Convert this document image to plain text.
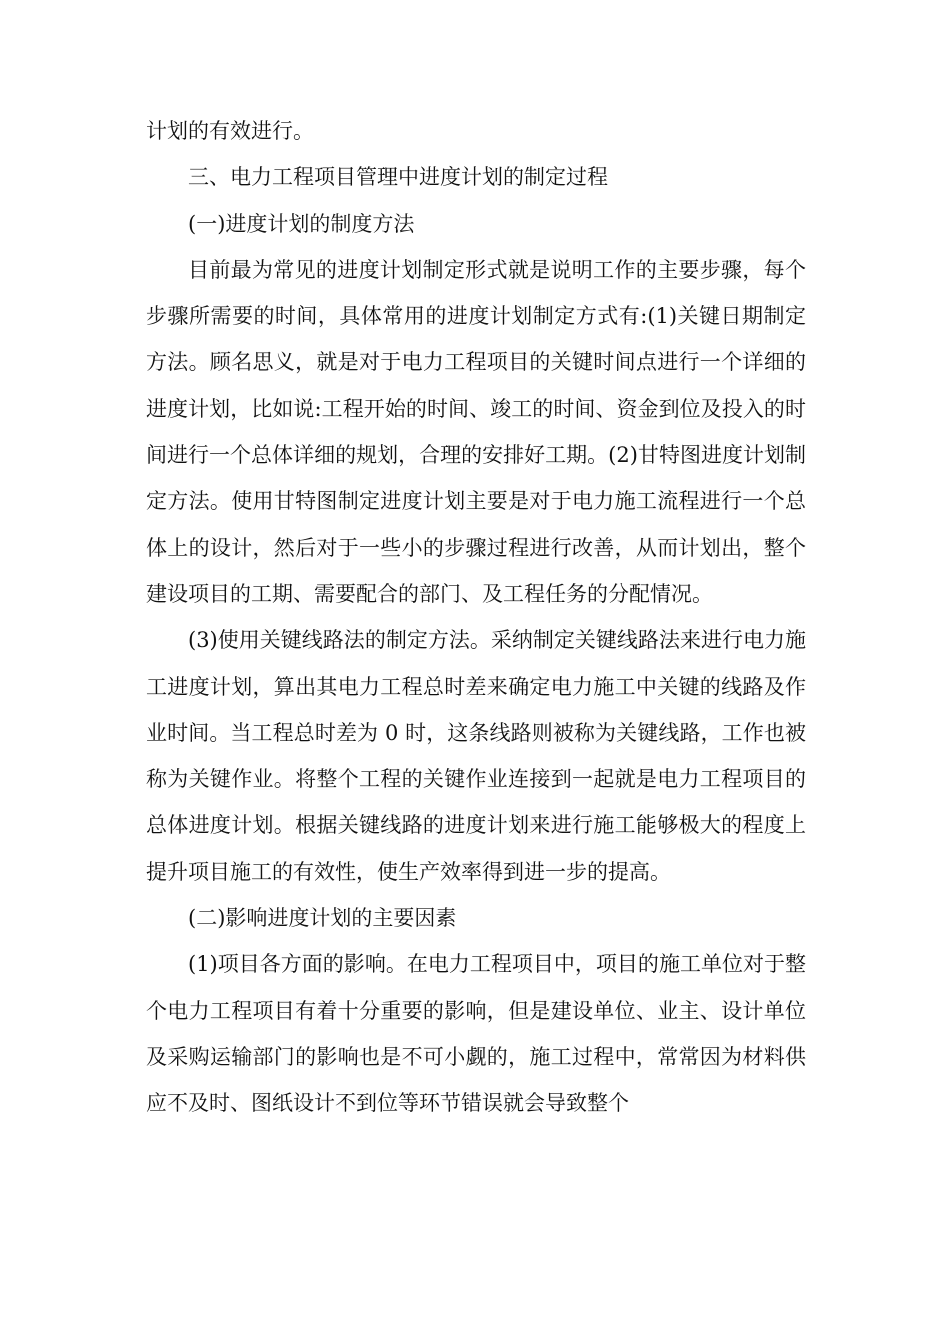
计划的有效进行。

三、电力工程项目管理中进度计划的制定过程

(一)进度计划的制度方法

目前最为常见的进度计划制定形式就是说明工作的主要步骤，每个步骤所需要的时间，具体常用的进度计划制定方式有:(1)关键日期制定方法。顾名思义，就是对于电力工程项目的关键时间点进行一个详细的进度计划，比如说:工程开始的时间、竣工的时间、资金到位及投入的时间进行一个总体详细的规划，合理的安排好工期。(2)甘特图进度计划制定方法。使用甘特图制定进度计划主要是对于电力施工流程进行一个总体上的设计，然后对于一些小的步骤过程进行改善，从而计划出，整个建设项目的工期、需要配合的部门、及工程任务的分配情况。

(3)使用关键线路法的制定方法。采纳制定关键线路法来进行电力施工进度计划，算出其电力工程总时差来确定电力施工中关键的线路及作业时间。当工程总时差为 0 时，这条线路则被称为关键线路，工作也被称为关键作业。将整个工程的关键作业连接到一起就是电力工程项目的总体进度计划。根据关键线路的进度计划来进行施工能够极大的程度上提升项目施工的有效性，使生产效率得到进一步的提高。

(二)影响进度计划的主要因素

(1)项目各方面的影响。在电力工程项目中，项目的施工单位对于整个电力工程项目有着十分重要的影响，但是建设单位、业主、设计单位及采购运输部门的影响也是不可小觑的，施工过程中，常常因为材料供应不及时、图纸设计不到位等环节错误就会导致整个
